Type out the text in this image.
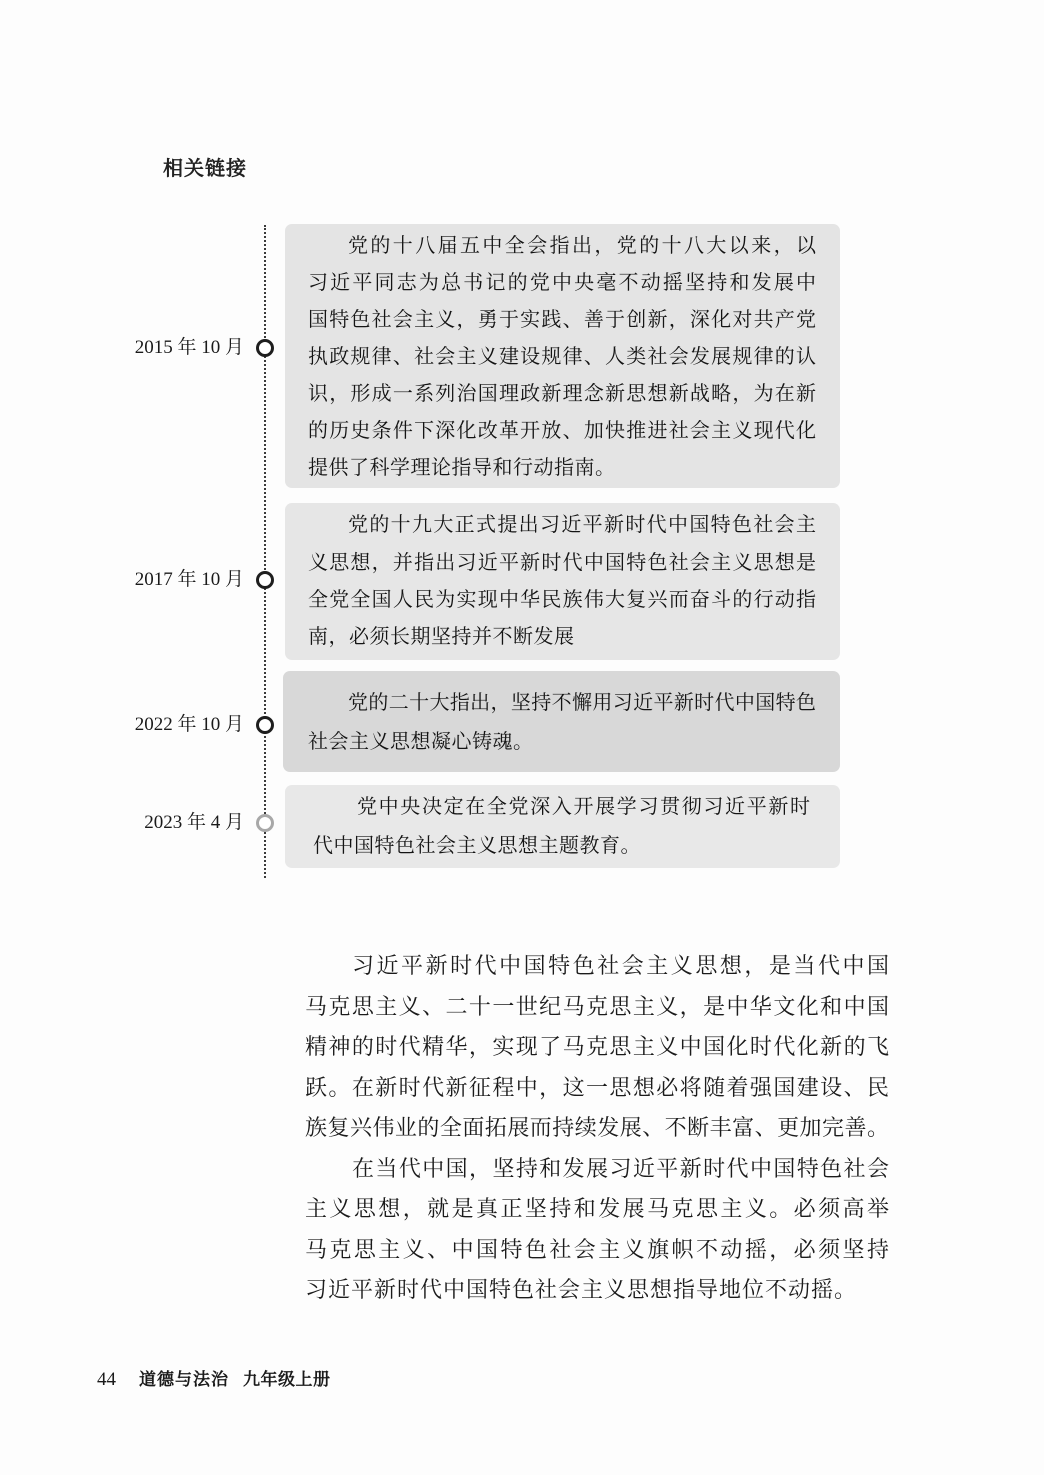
相关链接
2015 年 10 月
党的十八届五中全会指出，党的十八大以来，以
习近平同志为总书记的党中央毫不动摇坚持和发展中
国特色社会主义，勇于实践、善于创新，深化对共产党
执政规律、社会主义建设规律、人类社会发展规律的认
识，形成一系列治国理政新理念新思想新战略，为在新
的历史条件下深化改革开放、加快推进社会主义现代化
提供了科学理论指导和行动指南。
2017 年 10 月
党的十九大正式提出习近平新时代中国特色社会主
义思想，并指出习近平新时代中国特色社会主义思想是
全党全国人民为实现中华民族伟大复兴而奋斗的行动指
南，必须长期坚持并不断发展
2022 年 10 月
党的二十大指出，坚持不懈用习近平新时代中国特色
社会主义思想凝心铸魂。
2023 年 4 月
党中央决定在全党深入开展学习贯彻习近平新时
代中国特色社会主义思想主题教育。
习近平新时代中国特色社会主义思想，是当代中国
马克思主义、二十一世纪马克思主义，是中华文化和中国
精神的时代精华，实现了马克思主义中国化时代化新的飞
跃。在新时代新征程中，这一思想必将随着强国建设、民
族复兴伟业的全面拓展而持续发展、不断丰富、更加完善。
在当代中国，坚持和发展习近平新时代中国特色社会
主义思想，就是真正坚持和发展马克思主义。必须高举
马克思主义、中国特色社会主义旗帜不动摇，必须坚持
习近平新时代中国特色社会主义思想指导地位不动摇。
44 道德与法治 九年级上册
